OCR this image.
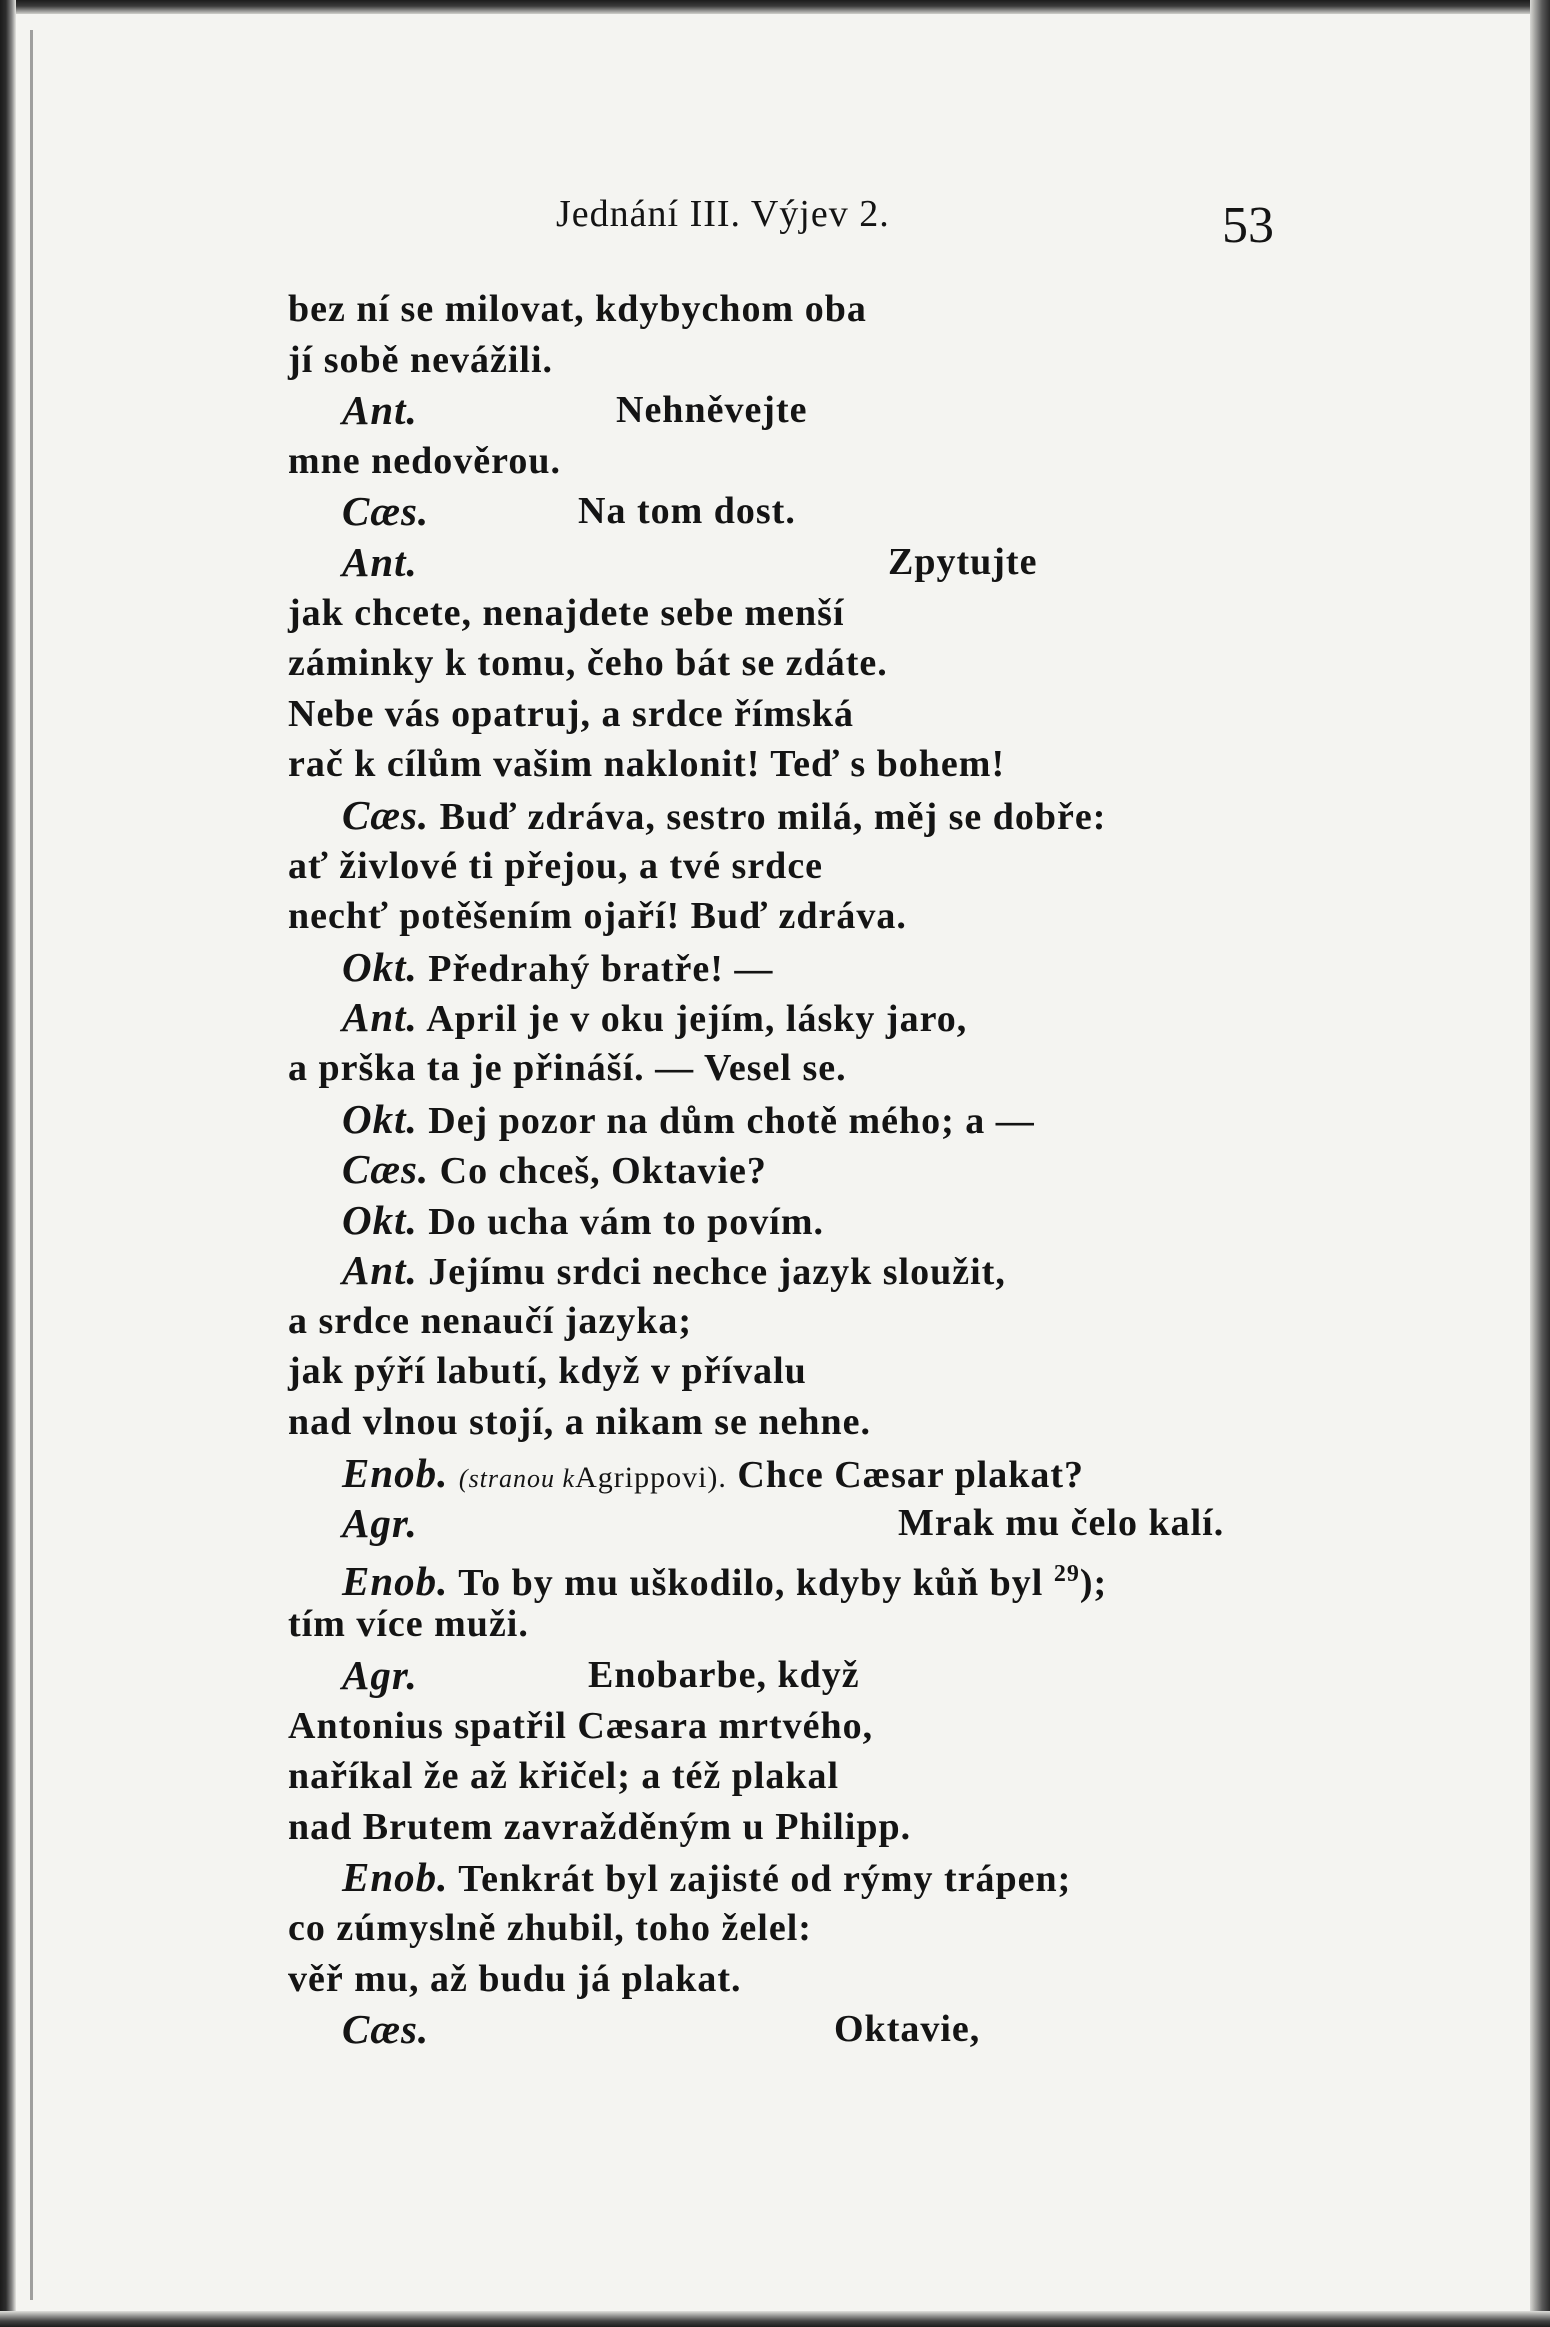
Jednání III. Výjev 2.	53
bez ní se milovat, kdybychom oba
jí sobě nevážili.
Ant.	Nehněvejte
mne nedověrou.
Cæs.	Na tom dost.
Ant.	Zpytujte
jak chcete, nenajdete sebe menší
záminky k tomu, čeho bát se zdáte.
Nebe vás opatruj, a srdce římská
rač k cílům vašim naklonit! Teď s bohem!
Cæs. Buď zdráva, sestro milá, měj se dobře:
ať živlové ti přejou, a tvé srdce
nechť potěšením ojaří! Buď zdráva.
Okt. Předrahý bratře! —
Ant. April je v oku jejím, lásky jaro,
a prška ta je přináší. — Vesel se.
Okt. Dej pozor na dům chotě mého; a —
Cæs. Co chceš, Oktavie?
Okt. Do ucha vám to povím.
Ant. Jejímu srdci nechce jazyk sloužit,
a srdce nenaučí jazyka;
jak pýří labutí, když v přívalu
nad vlnou stojí, a nikam se nehne.
Enob. (stranou kAgrippovi). Chce Cæsar plakat?
Agr.	Mrak mu čelo kalí.
Enob. To by mu uškodilo, kdyby kůň byl $^{29}$);
tím více muži.
Agr.	Enobarbe, když
Antonius spatřil Cæsara mrtvého,
naříkal že až křičel; a též plakal
nad Brutem zavražděným u Philipp.
Enob. Tenkrát byl zajisté od rýmy trápen;
co zúmyslně zhubil, toho želel:
věř mu, až budu já plakat.
Cæs.	Oktavie,
